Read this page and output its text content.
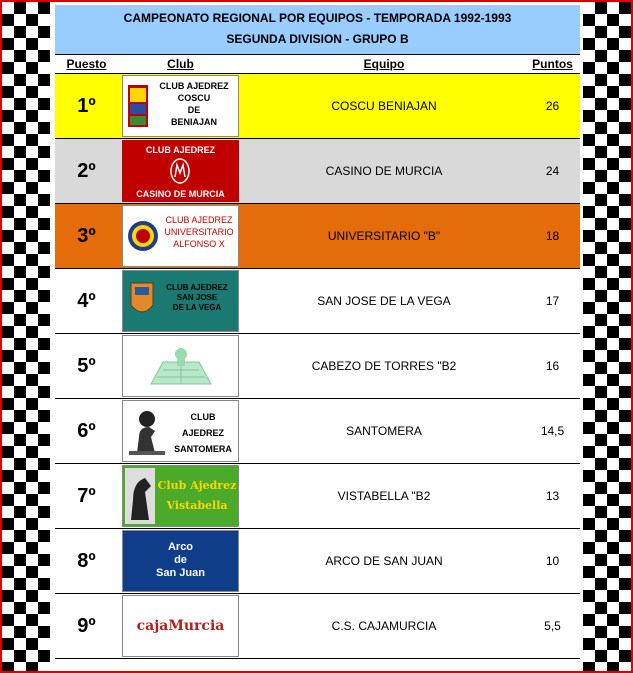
CAMPEONATO REGIONAL POR EQUIPOS - TEMPORADA 1992-1993
SEGUNDA DIVISION - GRUPO B
Puesto	Club	Equipo	Puntos
1º	CLUB AJEDREZ
COSCU
DE
BENIAJAN	COSCU BENIAJAN	26
2º	CLUB AJEDREZ
CASINO DE MURCIA	CASINO DE MURCIA	24
3º	CLUB AJEDREZ
UNIVERSITARIO
ALFONSO X	UNIVERSITARIO "B"	18
4º	CLUB AJEDREZ
SAN JOSE
DE LA VEGA	SAN JOSE DE LA VEGA	17
5º		CABEZO DE TORRES "B2	16
6º	CLUB
AJEDREZ
SANTOMERA	SANTOMERA	14,5
7º	Club Ajedrez
Vistabella	VISTABELLA "B2	13
8º	Arco
de
San Juan	ARCO DE SAN JUAN	10
9º	cajaMurcia	C.S. CAJAMURCIA	5,5
